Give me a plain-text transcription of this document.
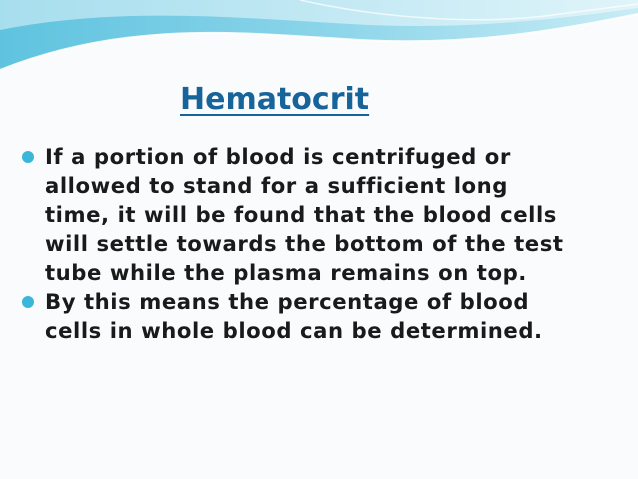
Hematocrit
If a portion of blood is centrifuged or
allowed to stand for a sufficient long
time, it will be found that the blood cells
will settle towards the bottom of the test
tube while the plasma remains on top.
By this means the percentage of blood
cells in whole blood can be determined.
